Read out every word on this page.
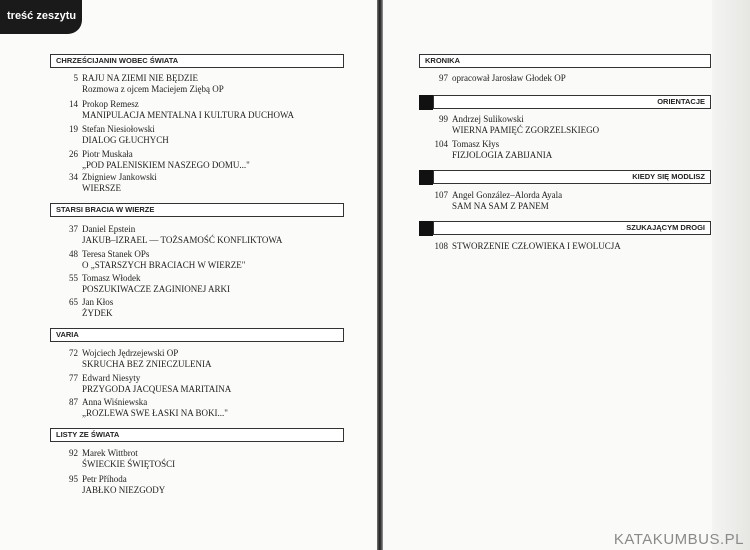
treść zeszytu
CHRZEŚCIJANIN WOBEC ŚWIATA
5 RAJU NA ZIEMI NIE BĘDZIE
Rozmowa z ojcem Maciejem Ziębą OP
14 Prokop Remesz
MANIPULACJA MENTALNA I KULTURA DUCHOWA
19 Stefan Niesiołowski
DIALOG GŁUCHYCH
26 Piotr Muskała
„POD PALENISKIEM NASZEGO DOMU..."
34 Zbigniew Jankowski
WIERSZE
STARSI BRACIA W WIERZE
37 Daniel Epstein
JAKUB–IZRAEL — TOŻSAMOŚĆ KONFLIKTOWA
48 Teresa Stanek OPs
O „STARSZYCH BRACIACH W WIERZE"
55 Tomasz Włodek
POSZUKIWACZE ZAGINIONEJ ARKI
65 Jan Kłos
ŻYDEK
VARIA
72 Wojciech Jędrzejewski OP
SKRUCHA BEZ ZNIECZULENIA
77 Edward Niesyty
PRZYGODA JACQUESA MARITAINA
87 Anna Wiśniewska
„ROZLEWA SWE ŁASKI NA BOKI..."
LISTY ZE ŚWIATA
92 Marek Wittbrot
ŚWIECKIE ŚWIĘTOŚCI
95 Petr Příhoda
JABŁKO NIEZGODY
KRONIKA
97 opracował Jarosław Głodek OP
ORIENTACJE
99 Andrzej Sulikowski
WIERNA PAMIĘĆ ZGORZELSKIEGO
104 Tomasz Kłys
FIZJOLOGIA ZABIJANIA
KIEDY SIĘ MODLISZ
107 Angel González–Alorda Ayala
SAM NA SAM Z PANEM
SZUKAJĄCYM DROGI
108 STWORZENIE CZŁOWIEKA I EWOLUCJA
KATAKUMBUS.PL
